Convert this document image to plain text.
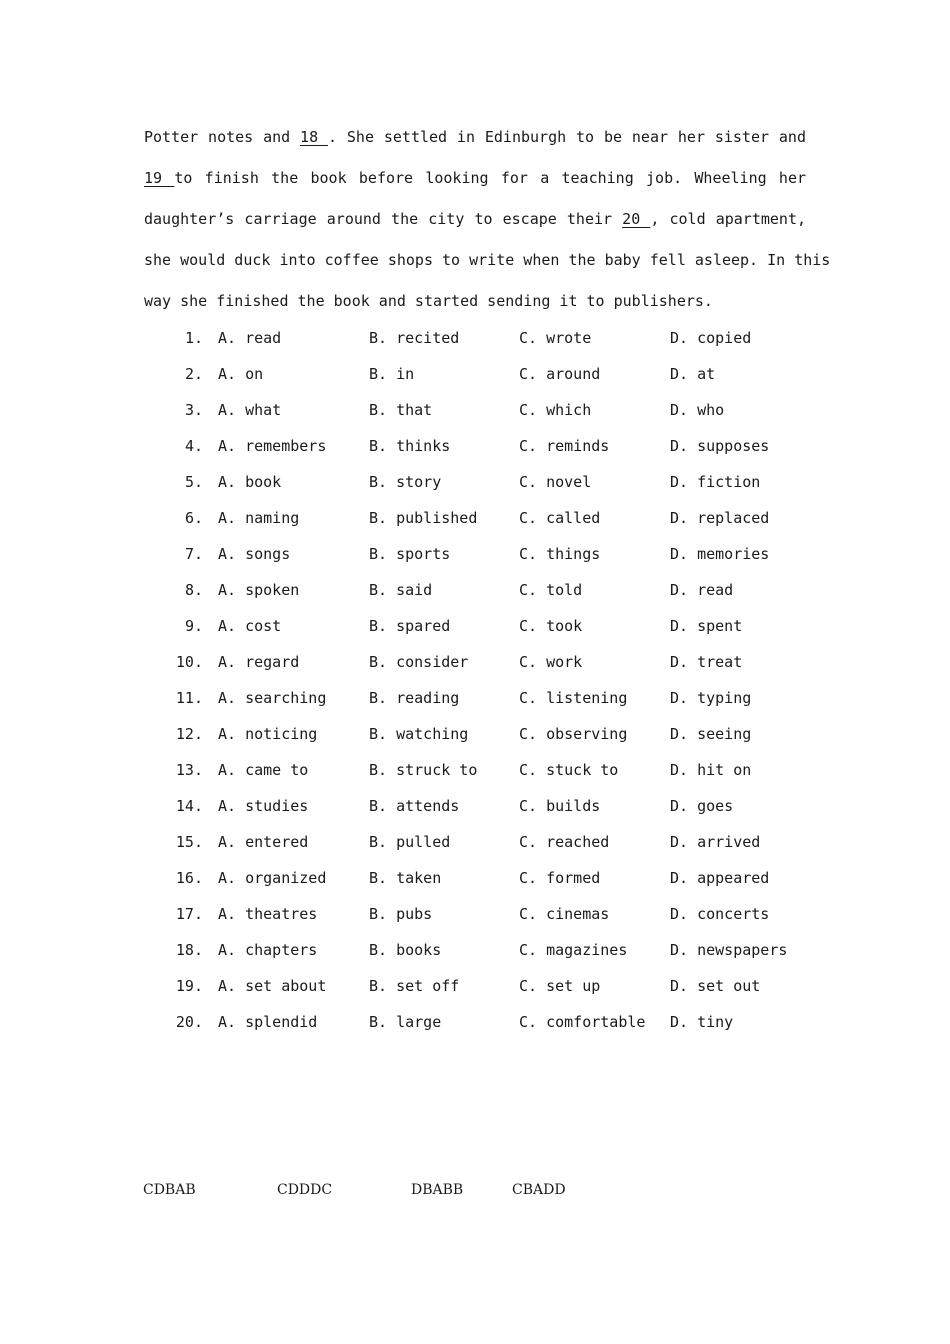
Potter notes and 18 . She settled in Edinburgh to be near her sister and
19 to finish the book before looking for a teaching job. Wheeling her
daughter’s carriage around the city to escape their 20 , cold apartment,
she would duck into coffee shops to write when the baby fell asleep. In this
way she finished the book and started sending it to publishers.
1. A. read	B. recited	C. wrote	D. copied
2. A. on	B. in	C. around	D. at
3. A. what	B. that	C. which	D. who
4. A. remembers	B. thinks	C. reminds	D. supposes
5. A. book	B. story	C. novel	D. fiction
6. A. naming	B. published	C. called	D. replaced
7. A. songs	B. sports	C. things	D. memories
8. A. spoken	B. said	C. told	D. read
9. A. cost	B. spared	C. took	D. spent
10. A. regard	B. consider	C. work	D. treat
11. A. searching	B. reading	C. listening	D. typing
12. A. noticing	B. watching	C. observing	D. seeing
13. A. came to	B. struck to	C. stuck to	D. hit on
14. A. studies	B. attends	C. builds	D. goes
15. A. entered	B. pulled	C. reached	D. arrived
16. A. organized	B. taken	C. formed	D. appeared
17. A. theatres	B. pubs	C. cinemas	D. concerts
18. A. chapters	B. books	C. magazines	D. newspapers
19. A. set about	B. set off	C. set up	D. set out
20. A. splendid	B. large	C. comfortable D. tiny
CDBAB	CDDDC	DBABB	CBADD
